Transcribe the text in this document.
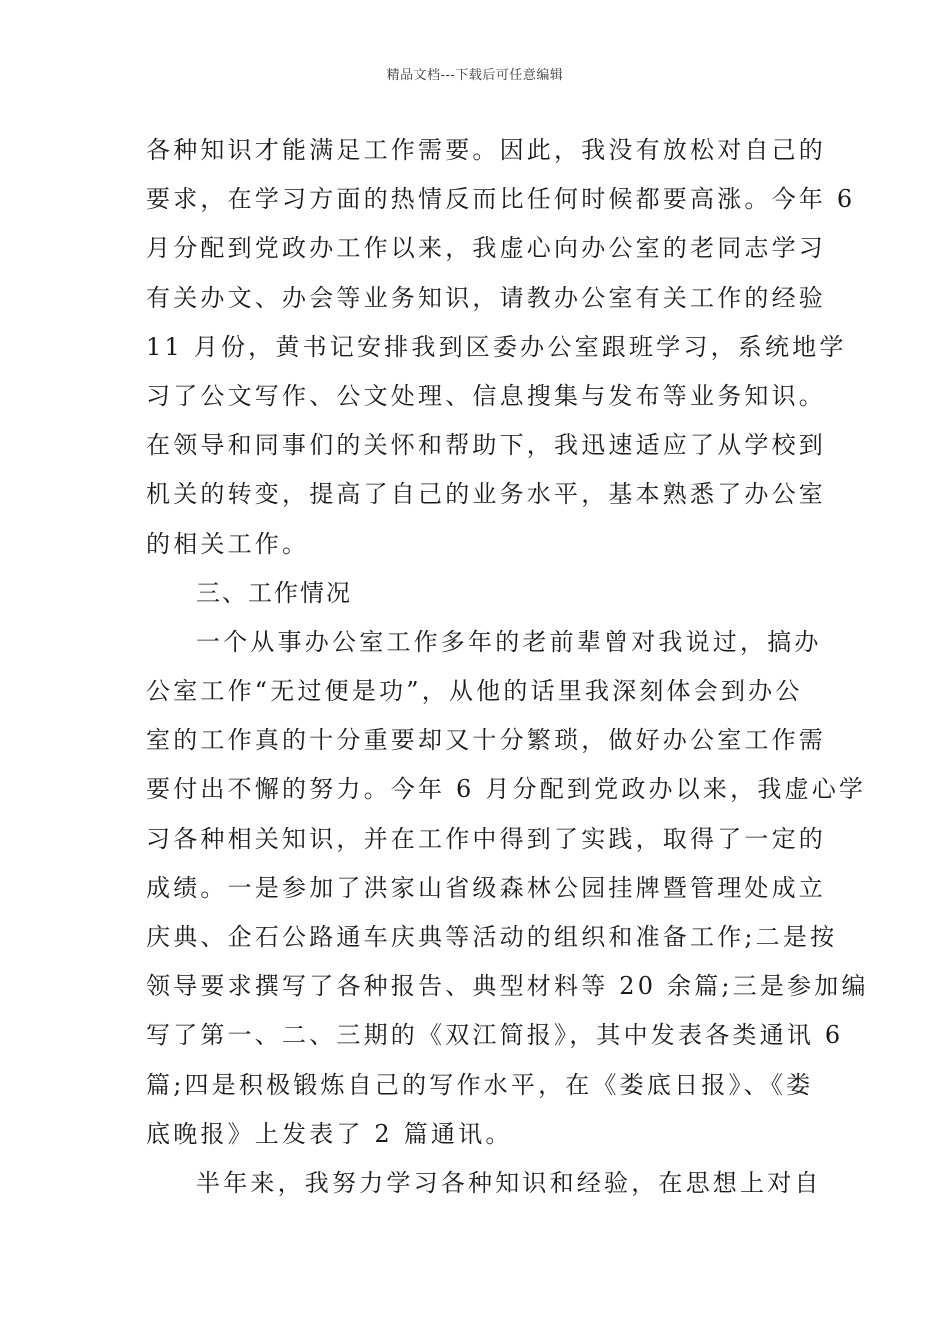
精品文档---下载后可任意编辑
各种知识才能满足工作需要。因此，我没有放松对自己的
要求，在学习方面的热情反而比任何时候都要高涨。今年 6
月分配到党政办工作以来，我虚心向办公室的老同志学习
有关办文、办会等业务知识，请教办公室有关工作的经验
11 月份，黄书记安排我到区委办公室跟班学习，系统地学
习了公文写作、公文处理、信息搜集与发布等业务知识。
在领导和同事们的关怀和帮助下，我迅速适应了从学校到
机关的转变，提高了自己的业务水平，基本熟悉了办公室
的相关工作。
三、工作情况
一个从事办公室工作多年的老前辈曾对我说过，搞办
公室工作“无过便是功”，从他的话里我深刻体会到办公
室的工作真的十分重要却又十分繁琐，做好办公室工作需
要付出不懈的努力。今年 6 月分配到党政办以来，我虚心学
习各种相关知识，并在工作中得到了实践，取得了一定的
成绩。一是参加了洪家山省级森林公园挂牌暨管理处成立
庆典、企石公路通车庆典等活动的组织和准备工作;二是按
领导要求撰写了各种报告、典型材料等 20 余篇;三是参加编
写了第一、二、三期的《双江简报》，其中发表各类通讯 6
篇;四是积极锻炼自己的写作水平，在《娄底日报》、《娄
底晚报》上发表了 2 篇通讯。
半年来，我努力学习各种知识和经验，在思想上对自
